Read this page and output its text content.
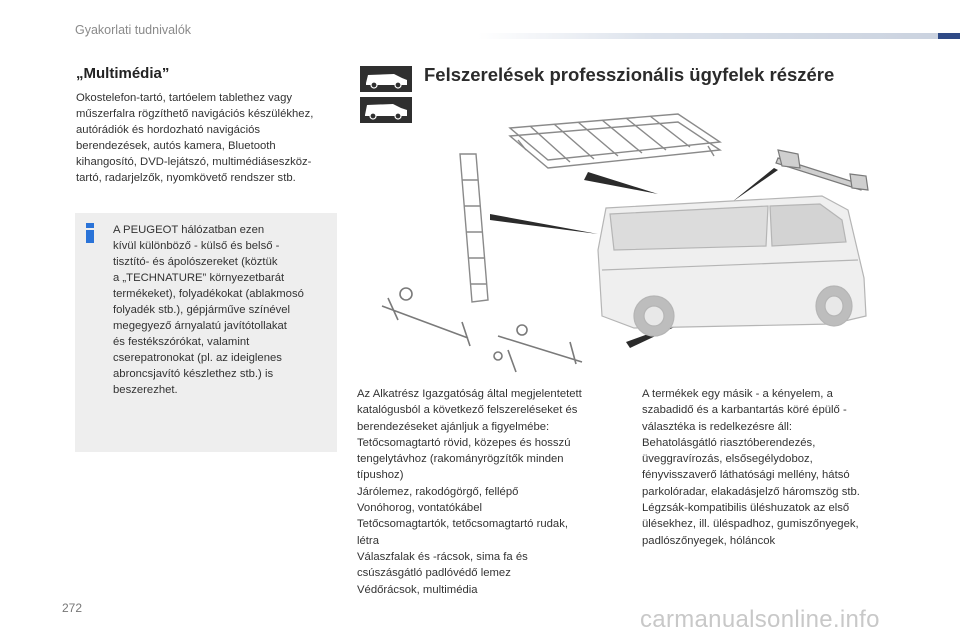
Gyakorlati tudnivalók
„Multimédia”
Okostelefon-tartó, tartóelem tablethez vagy
műszerfalra rögzíthető navigációs készülékhez,
autórádiók és hordozható navigációs
berendezések, autós kamera, Bluetooth
kihangosító, DVD-lejátszó, multimédiáseszköz-
tartó, radarjelzők, nyomkövető rendszer stb.
A PEUGEOT hálózatban ezen
kívül különböző - külső és belső -
tisztító- és ápolószereket (köztük
a „TECHNATURE” környezetbarát
termékeket), folyadékokat (ablakmosó
folyadék stb.), gépjárműve színével
megegyező árnyalatú javítótollakat
és festékszórókat, valamint
cserepatronokat (pl. az ideiglenes
abroncsjavító készlethez stb.) is
beszerezhet.
Felszerelések professzionális ügyfelek részére
Az Alkatrész Igazgatóság által megjelentetett
katalógusból a következő felszereléseket és
berendezéseket ajánljuk a figyelmébe:
Tetőcsomagtartó rövid, közepes és hosszú
tengelytávhoz (rakományrögzítők minden
típushoz)
Járólemez, rakodógörgő, fellépő
Vonóhorog, vontatókábel
Tetőcsomagtartók, tetőcsomagtartó rudak,
létra
Válaszfalak és -rácsok, sima fa és
csúszásgátló padlóvédő lemez
Védőrácsok, multimédia
A termékek egy másik - a kényelem, a
szabadidő és a karbantartás köré épülő -
választéka is redelkezésre áll:
Behatolásgátló riasztóberendezés,
üveggravírozás, elsősegélydoboz,
fényvisszaverő láthatósági mellény, hátsó
parkolóradar, elakadásjelző háromszög stb.
Légzsák-kompatibilis üléshuzatok az első
ülésekhez, ill. üléspadhoz, gumiszőnyegek,
padlószőnyegek, hóláncok
272	carmanualsonline.info
